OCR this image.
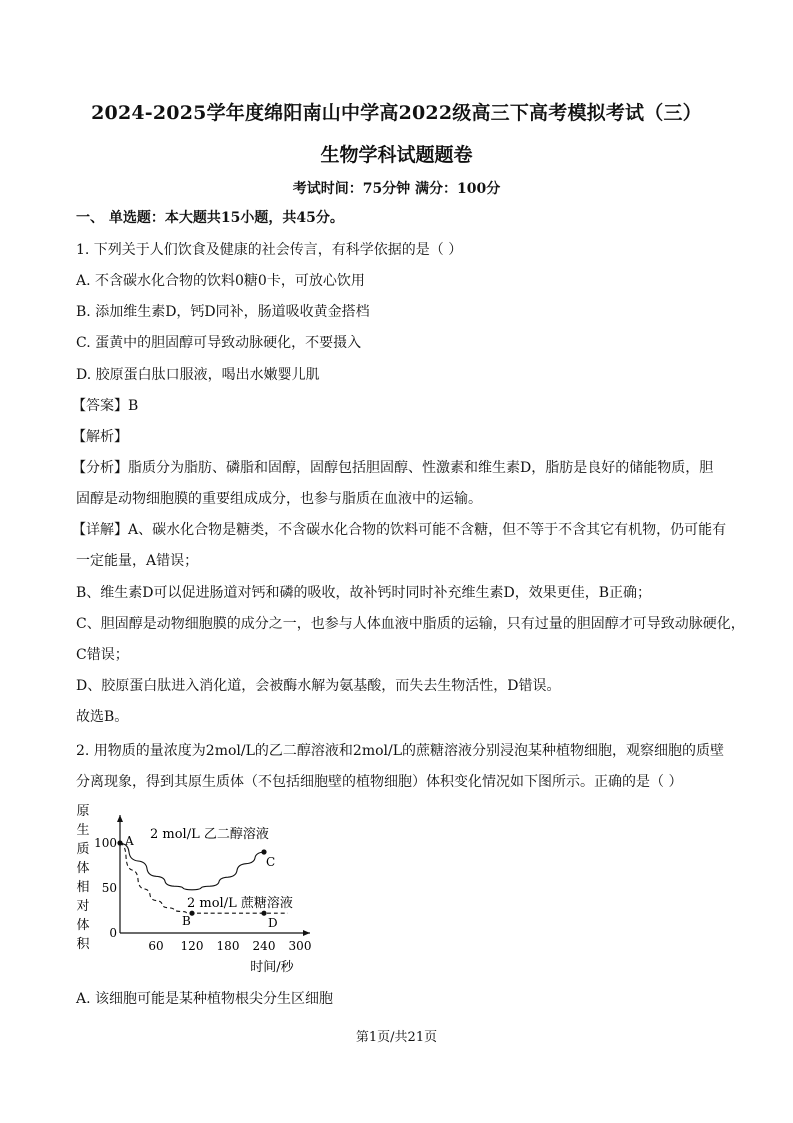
2024-2025学年度绵阳南山中学高2022级高三下高考模拟考试（三）
生物学科试题题卷
考试时间：75分钟 满分：100分
一、 单选题：本大题共15小题，共45分。
1. 下列关于人们饮食及健康的社会传言，有科学依据的是（ ）
A. 不含碳水化合物的饮料0糖0卡，可放心饮用
B. 添加维生素D，钙D同补，肠道吸收黄金搭档
C. 蛋黄中的胆固醇可导致动脉硬化，不要摄入
D. 胶原蛋白肽口服液，喝出水嫩婴儿肌
【答案】B
【解析】
【分析】脂质分为脂肪、磷脂和固醇，固醇包括胆固醇、性激素和维生素D，脂肪是良好的储能物质，胆
固醇是动物细胞膜的重要组成成分，也参与脂质在血液中的运输。
【详解】A、碳水化合物是糖类，不含碳水化合物的饮料可能不含糖，但不等于不含其它有机物，仍可能有
一定能量，A错误；
B、维生素D可以促进肠道对钙和磷的吸收，故补钙时同时补充维生素D，效果更佳，B正确；
C、胆固醇是动物细胞膜的成分之一，也参与人体血液中脂质的运输，只有过量的胆固醇才可导致动脉硬化，
C错误；
D、胶原蛋白肽进入消化道，会被酶水解为氨基酸，而失去生物活性，D错误。
故选B。
2. 用物质的量浓度为2mol/L的乙二醇溶液和2mol/L的蔗糖溶液分别浸泡某种植物细胞，观察细胞的质壁
分离现象，得到其原生质体（不包括细胞壁的植物细胞）体积变化情况如下图所示。正确的是（ ）
原
生
质
体
相
对
体
积
100
50
0
60 120 180 240 300
时间/秒
A
C
B	D
2 mol/L 乙二醇溶液
2 mol/L 蔗糖溶液
A. 该细胞可能是某种植物根尖分生区细胞
第1页/共21页
